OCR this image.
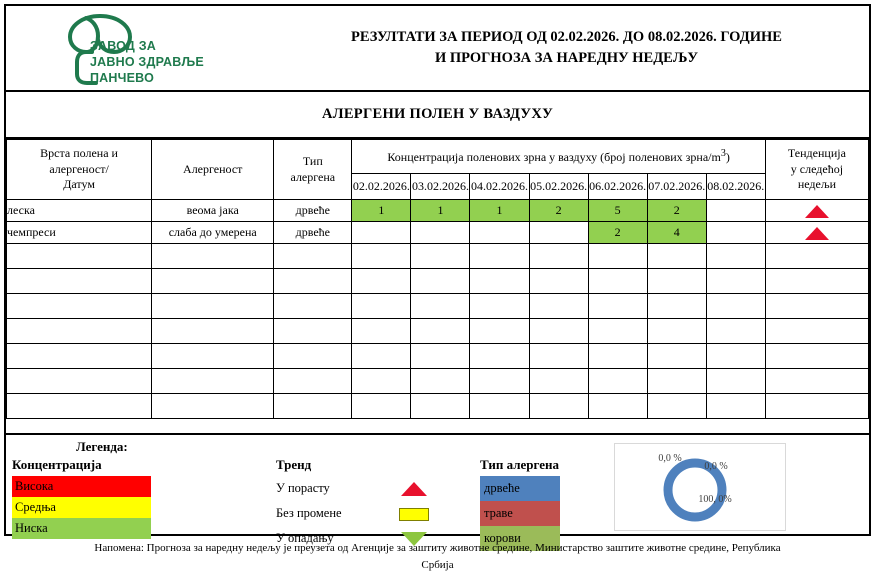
ЗАВОД ЗА
ЈАВНО ЗДРАВЉЕ
ПАНЧЕВО
РЕЗУЛТАТИ ЗА ПЕРИОД ОД 02.02.2026. ДО 08.02.2026. ГОДИНЕ
И ПРОГНОЗА ЗА НАРЕДНУ НЕДЕЉУ
АЛЕРГЕНИ ПОЛЕН У ВАЗДУХУ
Врста полена и
алергеност/
Датум
	Алергеност	
Тип
алергена
	Концентрација поленових зрна у ваздуху (број поленових зрна/$m^3$)	Тенденција
у следећој
недељи

			02.02.2026.	03.02.2026.	04.02.2026.	05.02.2026.	06.02.2026.	07.02.2026.	08.02.2026.	
леска	веома јака	дрвеће	1	1	1	2	5	2		
чемпреси	слаба до умерена	дрвеће					2	4		

Легенда:
Концентрација
Висока
Средња
Ниска
Тренд
У порасту
Без промене
У опадању
Тип алергена
дрвеће
траве
корови
0,0 %
0,0 %
100, 0%
Напомена: Прогноза за наредну недељу је преузета од Агенције за заштиту животне средине, Министарство заштите животне средине, Република
Србија
